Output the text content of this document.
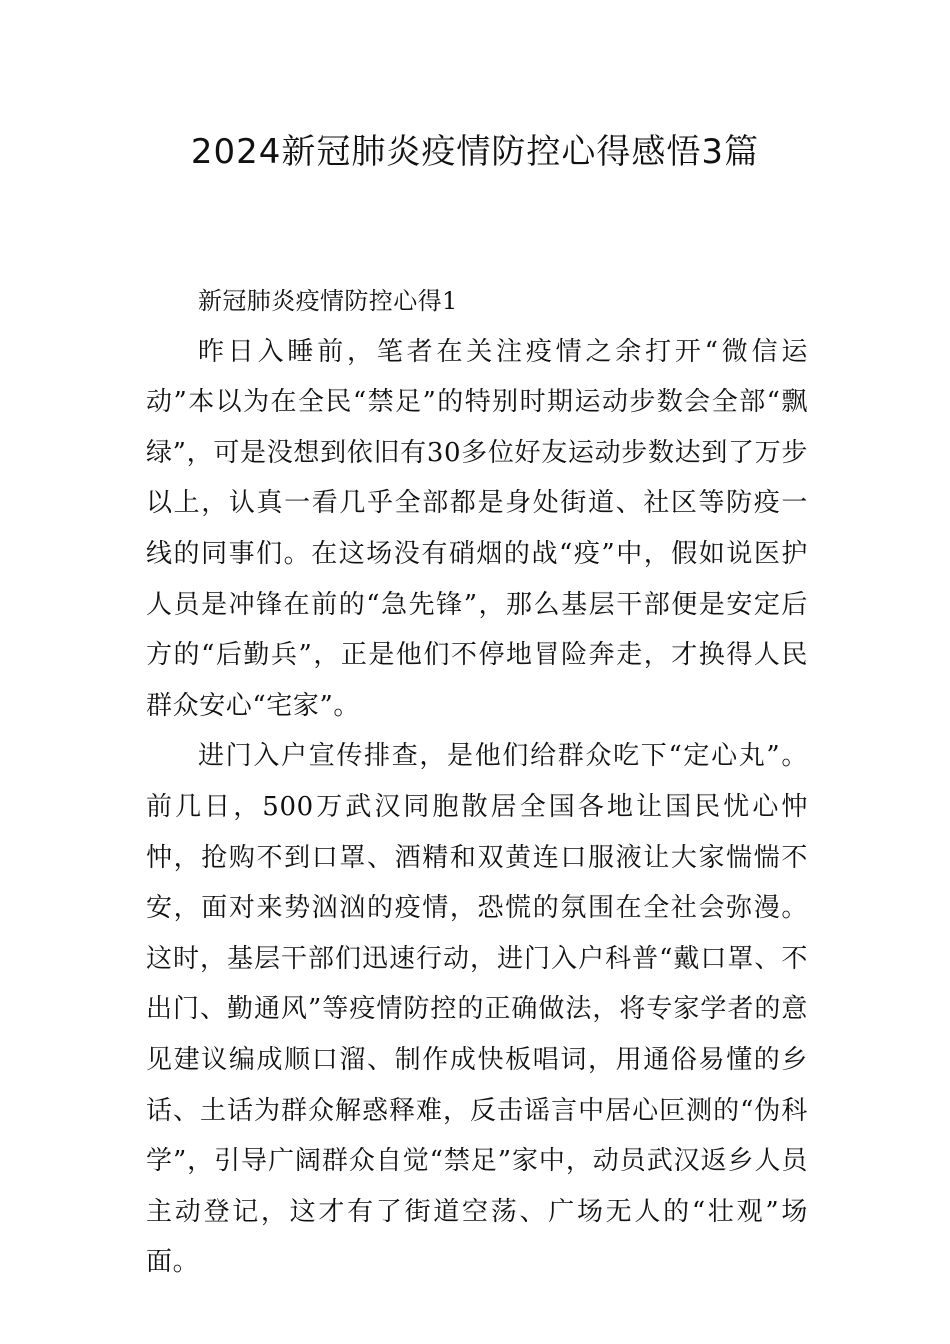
2024新冠肺炎疫情防控心得感悟3篇

新冠肺炎疫情防控心得1

昨日入睡前，笔者在关注疫情之余打开“微信运动”本以为在全民“禁足”的特别时期运动步数会全部“飘绿”，可是没想到依旧有30多位好友运动步数达到了万步以上，认真一看几乎全部都是身处街道、社区等防疫一线的同事们。在这场没有硝烟的战“疫”中，假如说医护人员是冲锋在前的“急先锋”，那么基层干部便是安定后方的“后勤兵”，正是他们不停地冒险奔走，才换得人民群众安心“宅家”。

进门入户宣传排查，是他们给群众吃下“定心丸”。前几日，500万武汉同胞散居全国各地让国民忧心忡忡，抢购不到口罩、酒精和双黄连口服液让大家惴惴不安，面对来势汹汹的疫情，恐慌的氛围在全社会弥漫。这时，基层干部们迅速行动，进门入户科普“戴口罩、不出门、勤通风”等疫情防控的正确做法，将专家学者的意见建议编成顺口溜、制作成快板唱词，用通俗易懂的乡话、土话为群众解惑释难，反击谣言中居心叵测的“伪科学”，引导广阔群众自觉“禁足”家中，动员武汉返乡人员主动登记，这才有了街道空荡、广场无人的“壮观”场面。
